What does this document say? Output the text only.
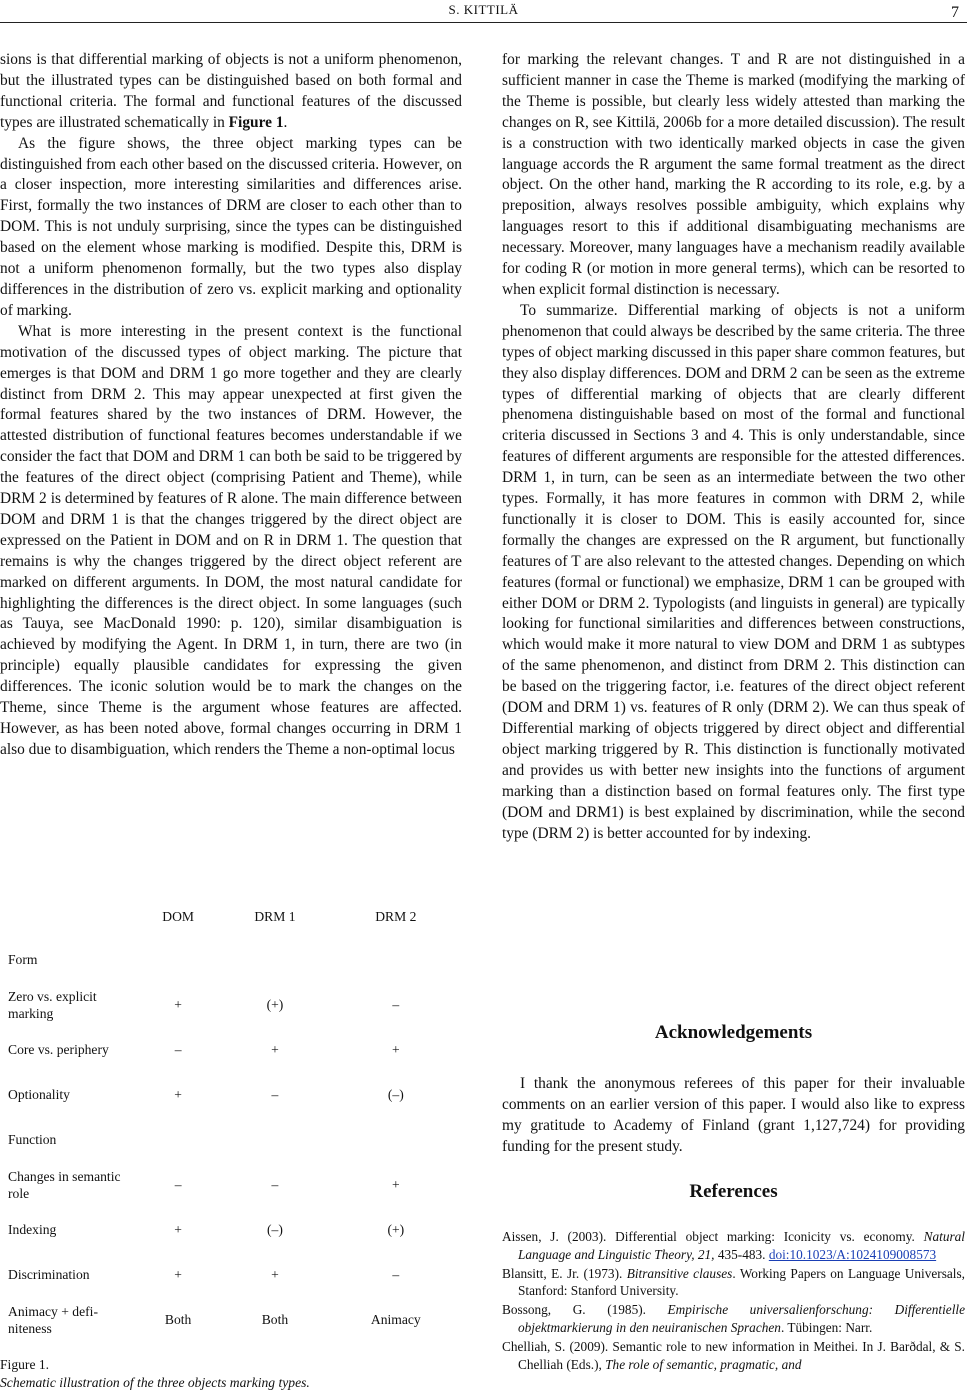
S. KITTILÄ	7

sions is that differential marking of objects is not a uniform phenomenon, but the illustrated types can be distinguished based on both formal and functional criteria. The formal and functional features of the discussed types are illustrated schematically in Figure 1.

As the figure shows, the three object marking types can be distinguished from each other based on the discussed criteria. However, on a closer inspection, more interesting similarities and differences arise. First, formally the two instances of DRM are closer to each other than to DOM. This is not unduly surprising, since the types can be distinguished based on the element whose marking is modified. Despite this, DRM is not a uniform phenomenon formally, but the two types also display differences in the distribution of zero vs. explicit marking and optionality of marking.

What is more interesting in the present context is the functional motivation of the discussed types of object marking. The picture that emerges is that DOM and DRM 1 go more together and they are clearly distinct from DRM 2. This may appear unexpected at first given the formal features shared by the two instances of DRM. However, the attested distribution of functional features becomes understandable if we consider the fact that DOM and DRM 1 can both be said to be triggered by the features of the direct object (comprising Patient and Theme), while DRM 2 is determined by features of R alone. The main difference between DOM and DRM 1 is that the changes triggered by the direct object are expressed on the Patient in DOM and on R in DRM 1. The question that remains is why the changes triggered by the direct object referent are marked on different arguments. In DOM, the most natural candidate for highlighting the differences is the direct object. In some languages (such as Tauya, see MacDonald 1990: p. 120), similar disambiguation is achieved by modifying the Agent. In DRM 1, in turn, there are two (in principle) equally plausible candidates for expressing the given differences. The iconic solution would be to mark the changes on the Theme, since Theme is the argument whose features are affected. However, as has been noted above, formal changes occurring in DRM 1 also due to disambiguation, which renders the Theme a non-optimal locus

	DOM	DRM 1	DRM 2
Form			
Zero vs. explicit marking	+	(+)	–
Core vs. periphery	–	+	+
Optionality	+	–	(–)
Function			
Changes in semantic role	–	–	+
Indexing	+	(–)	(+)
Discrimination	+	+	–
Animacy + definiteness	Both	Both	Animacy
Figure 1.
Schematic illustration of the three objects marking types.

for marking the relevant changes. T and R are not distinguished in a sufficient manner in case the Theme is marked (modifying the marking of the Theme is possible, but clearly less widely attested than marking the changes on R, see Kittilä, 2006b for a more detailed discussion). The result is a construction with two identically marked objects in case the given language accords the R argument the same formal treatment as the direct object. On the other hand, marking the R according to its role, e.g. by a preposition, always resolves possible ambiguity, which explains why languages resort to this if additional disambiguating mechanisms are necessary. Moreover, many languages have a mechanism readily available for coding R (or motion in more general terms), which can be resorted to when explicit formal distinction is necessary.

To summarize. Differential marking of objects is not a uniform phenomenon that could always be described by the same criteria. The three types of object marking discussed in this paper share common features, but they also display differences. DOM and DRM 2 can be seen as the extreme types of differential marking of objects that are clearly different phenomena distinguishable based on most of the formal and functional criteria discussed in Sections 3 and 4. This is only understandable, since features of different arguments are responsible for the attested differences. DRM 1, in turn, can be seen as an intermediate between the two other types. Formally, it has more features in common with DRM 2, while functionally it is closer to DOM. This is easily accounted for, since formally the changes are expressed on the R argument, but functionally features of T are also relevant to the attested changes. Depending on which features (formal or functional) we emphasize, DRM 1 can be grouped with either DOM or DRM 2. Typologists (and linguists in general) are typically looking for functional similarities and differences between constructions, which would make it more natural to view DOM and DRM 1 as subtypes of the same phenomenon, and distinct from DRM 2. This distinction can be based on the triggering factor, i.e. features of the direct object referent (DOM and DRM 1) vs. features of R only (DRM 2). We can thus speak of Differential marking of objects triggered by direct object and differential object marking triggered by R. This distinction is functionally motivated and provides us with better new insights into the functions of argument marking than a distinction based on formal features only. The first type (DOM and DRM1) is best explained by discrimination, while the second type (DRM 2) is better accounted for by indexing.

Acknowledgements

I thank the anonymous referees of this paper for their invaluable comments on an earlier version of this paper. I would also like to express my gratitude to Academy of Finland (grant 1,127,724) for providing funding for the present study.

References

Aissen, J. (2003). Differential object marking: Iconicity vs. economy. Natural Language and Linguistic Theory, 21, 435-483. doi:10.1023/A:1024109008573

Blansitt, E. Jr. (1973). Bitransitive clauses. Working Papers on Language Universals, Stanford: Stanford University.

Bossong, G. (1985). Empirische universalienforschung: Differentielle objektmarkierung in den neuiranischen Sprachen. Tübingen: Narr.

Chelliah, S. (2009). Semantic role to new information in Meithei. In J. Barðdal, & S. Chelliah (Eds.), The role of semantic, pragmatic, and
